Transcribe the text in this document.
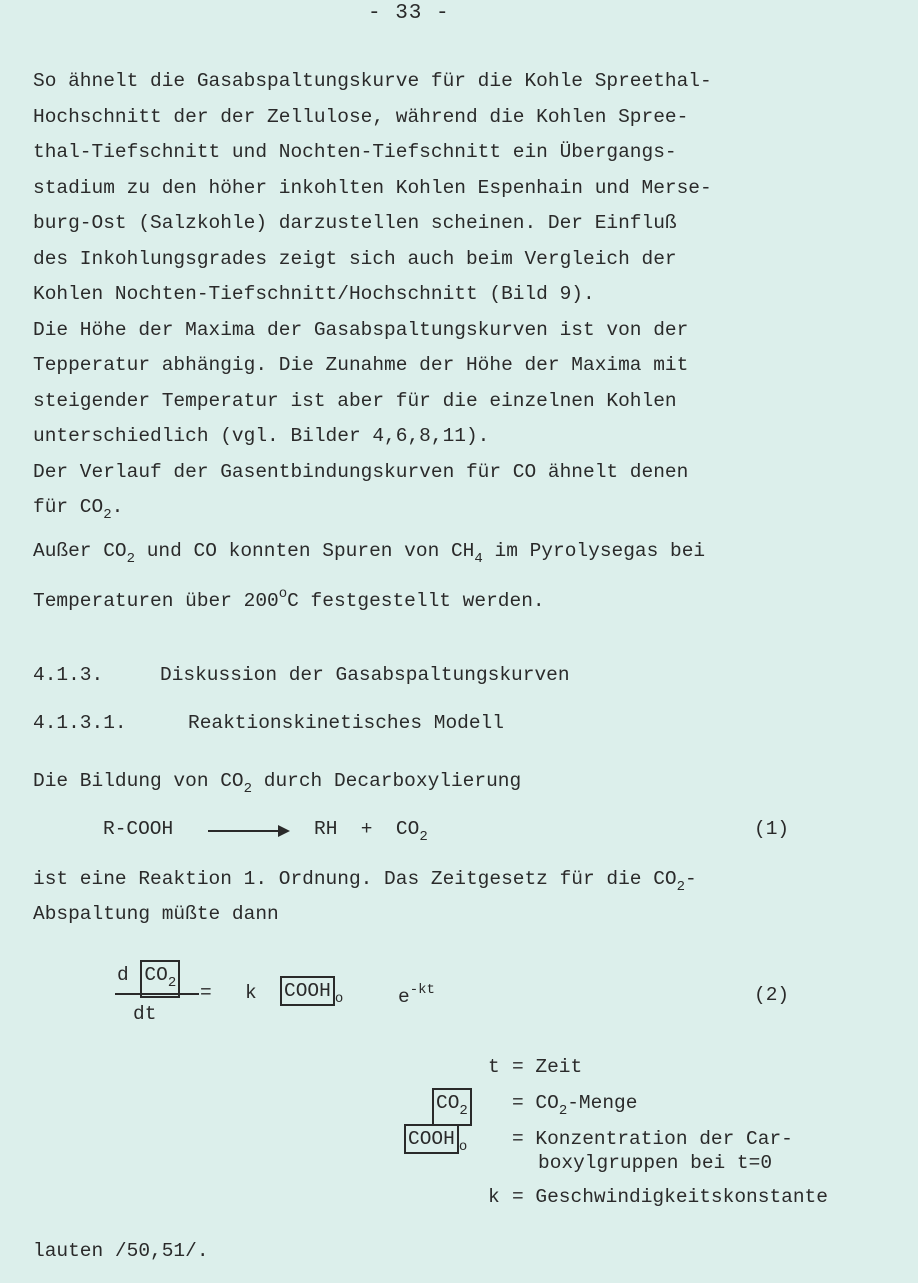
- 33 -
So ähnelt die Gasabspaltungskurve für die Kohle Spreethal-
Hochschnitt der der Zellulose, während die Kohlen Spree-
thal-Tiefschnitt und Nochten-Tiefschnitt ein Übergangs-
stadium zu den höher inkohlten Kohlen Espenhain und Merse-
burg-Ost (Salzkohle) darzustellen scheinen. Der Einfluß
des Inkohlungsgrades zeigt sich auch beim Vergleich der
Kohlen Nochten-Tiefschnitt/Hochschnitt (Bild 9).
Die Höhe der Maxima der Gasabspaltungskurven ist von der
Tepperatur abhängig. Die Zunahme der Höhe der Maxima mit
steigender Temperatur ist aber für die einzelnen Kohlen
unterschiedlich (vgl. Bilder 4,6,8,11).
Der Verlauf der Gasentbindungskurven für CO ähnelt denen
für $CO_2$.
Außer $CO_2$ und CO konnten Spuren von $CH_4$ im Pyrolysegas bei
Temperaturen über 200$^o$C festgestellt werden.
4.1.3.	Diskussion der Gasabspaltungskurven
4.1.3.1.	Reaktionskinetisches Modell
Die Bildung von $CO_2$ durch Decarboxylierung
R-COOH	RH  +  $CO_2$	(1)
ist eine Reaktion 1. Ordnung. Das Zeitgesetz für die $CO_2-$
Abspaltung müßte dann
d $CO_2$
dt
= k COOH $_o$	$e^{-kt}$	(2)
t = Zeit
$CO_2$ = $CO_2$-Menge
COOH $_o$ = Konzentration der Car-
boxylgruppen bei t=0
k = Geschwindigkeitskonstante
lauten /50,51/.
